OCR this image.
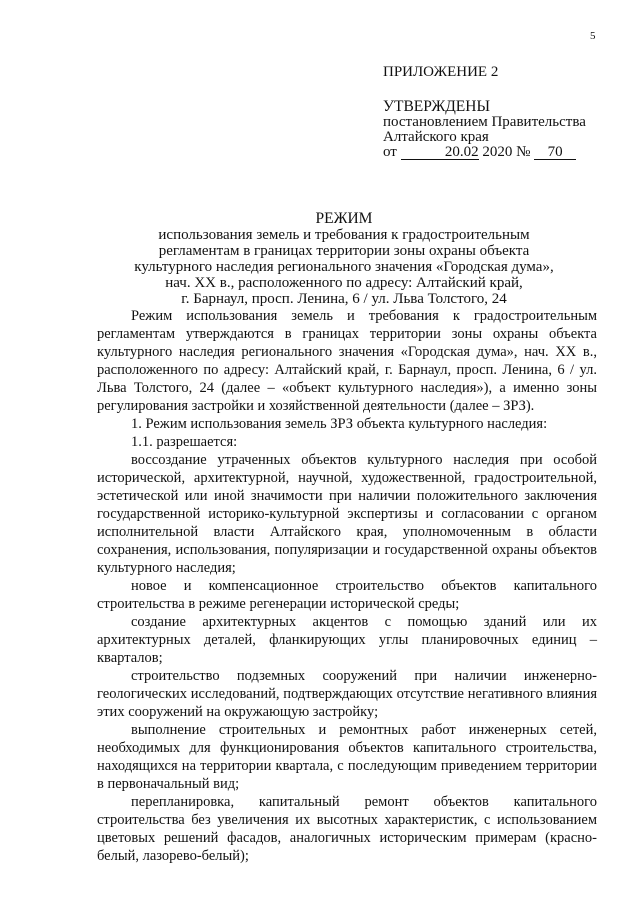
5
ПРИЛОЖЕНИЕ 2
УТВЕРЖДЕНЫ
постановлением Правительства
Алтайского края
от	20.02 2020 № 70
РЕЖИМ
использования земель и требования к градостроительным
регламентам в границах территории зоны охраны объекта
культурного наследия регионального значения «Городская дума»,
нач. XX в., расположенного по адресу: Алтайский край,
г. Барнаул, просп. Ленина, 6 / ул. Льва Толстого, 24

Режим использования земель и требования к градостроительным регламентам утверждаются в границах территории зоны охраны объекта культурного наследия регионального значения «Городская дума», нач. XX в., расположенного по адресу: Алтайский край, г. Барнаул, просп. Ленина, 6 / ул. Льва Толстого, 24 (далее – «объект культурного наследия»), а именно зоны регулирования застройки и хозяйственной деятельности (далее – ЗРЗ).

1. Режим использования земель ЗРЗ объекта культурного наследия:

1.1. разрешается:

воссоздание утраченных объектов культурного наследия при особой исторической, архитектурной, научной, художественной, градостроительной, эстетической или иной значимости при наличии положительного заключения государственной историко-культурной экспертизы и согласовании с органом исполнительной власти Алтайского края, уполномоченным в области сохранения, использования, популяризации и государственной охраны объектов культурного наследия;

новое и компенсационное строительство объектов капитального строительства в режиме регенерации исторической среды;

создание архитектурных акцентов с помощью зданий или их архитектурных деталей, фланкирующих углы планировочных единиц – кварталов;

строительство подземных сооружений при наличии инженерно-геологических исследований, подтверждающих отсутствие негативного влияния этих сооружений на окружающую застройку;

выполнение строительных и ремонтных работ инженерных сетей, необходимых для функционирования объектов капитального строительства, находящихся на территории квартала, с последующим приведением территории в первоначальный вид;

перепланировка, капитальный ремонт объектов капитального строительства без увеличения их высотных характеристик, с использованием цветовых решений фасадов, аналогичных историческим примерам (красно-белый, лазорево-белый);
